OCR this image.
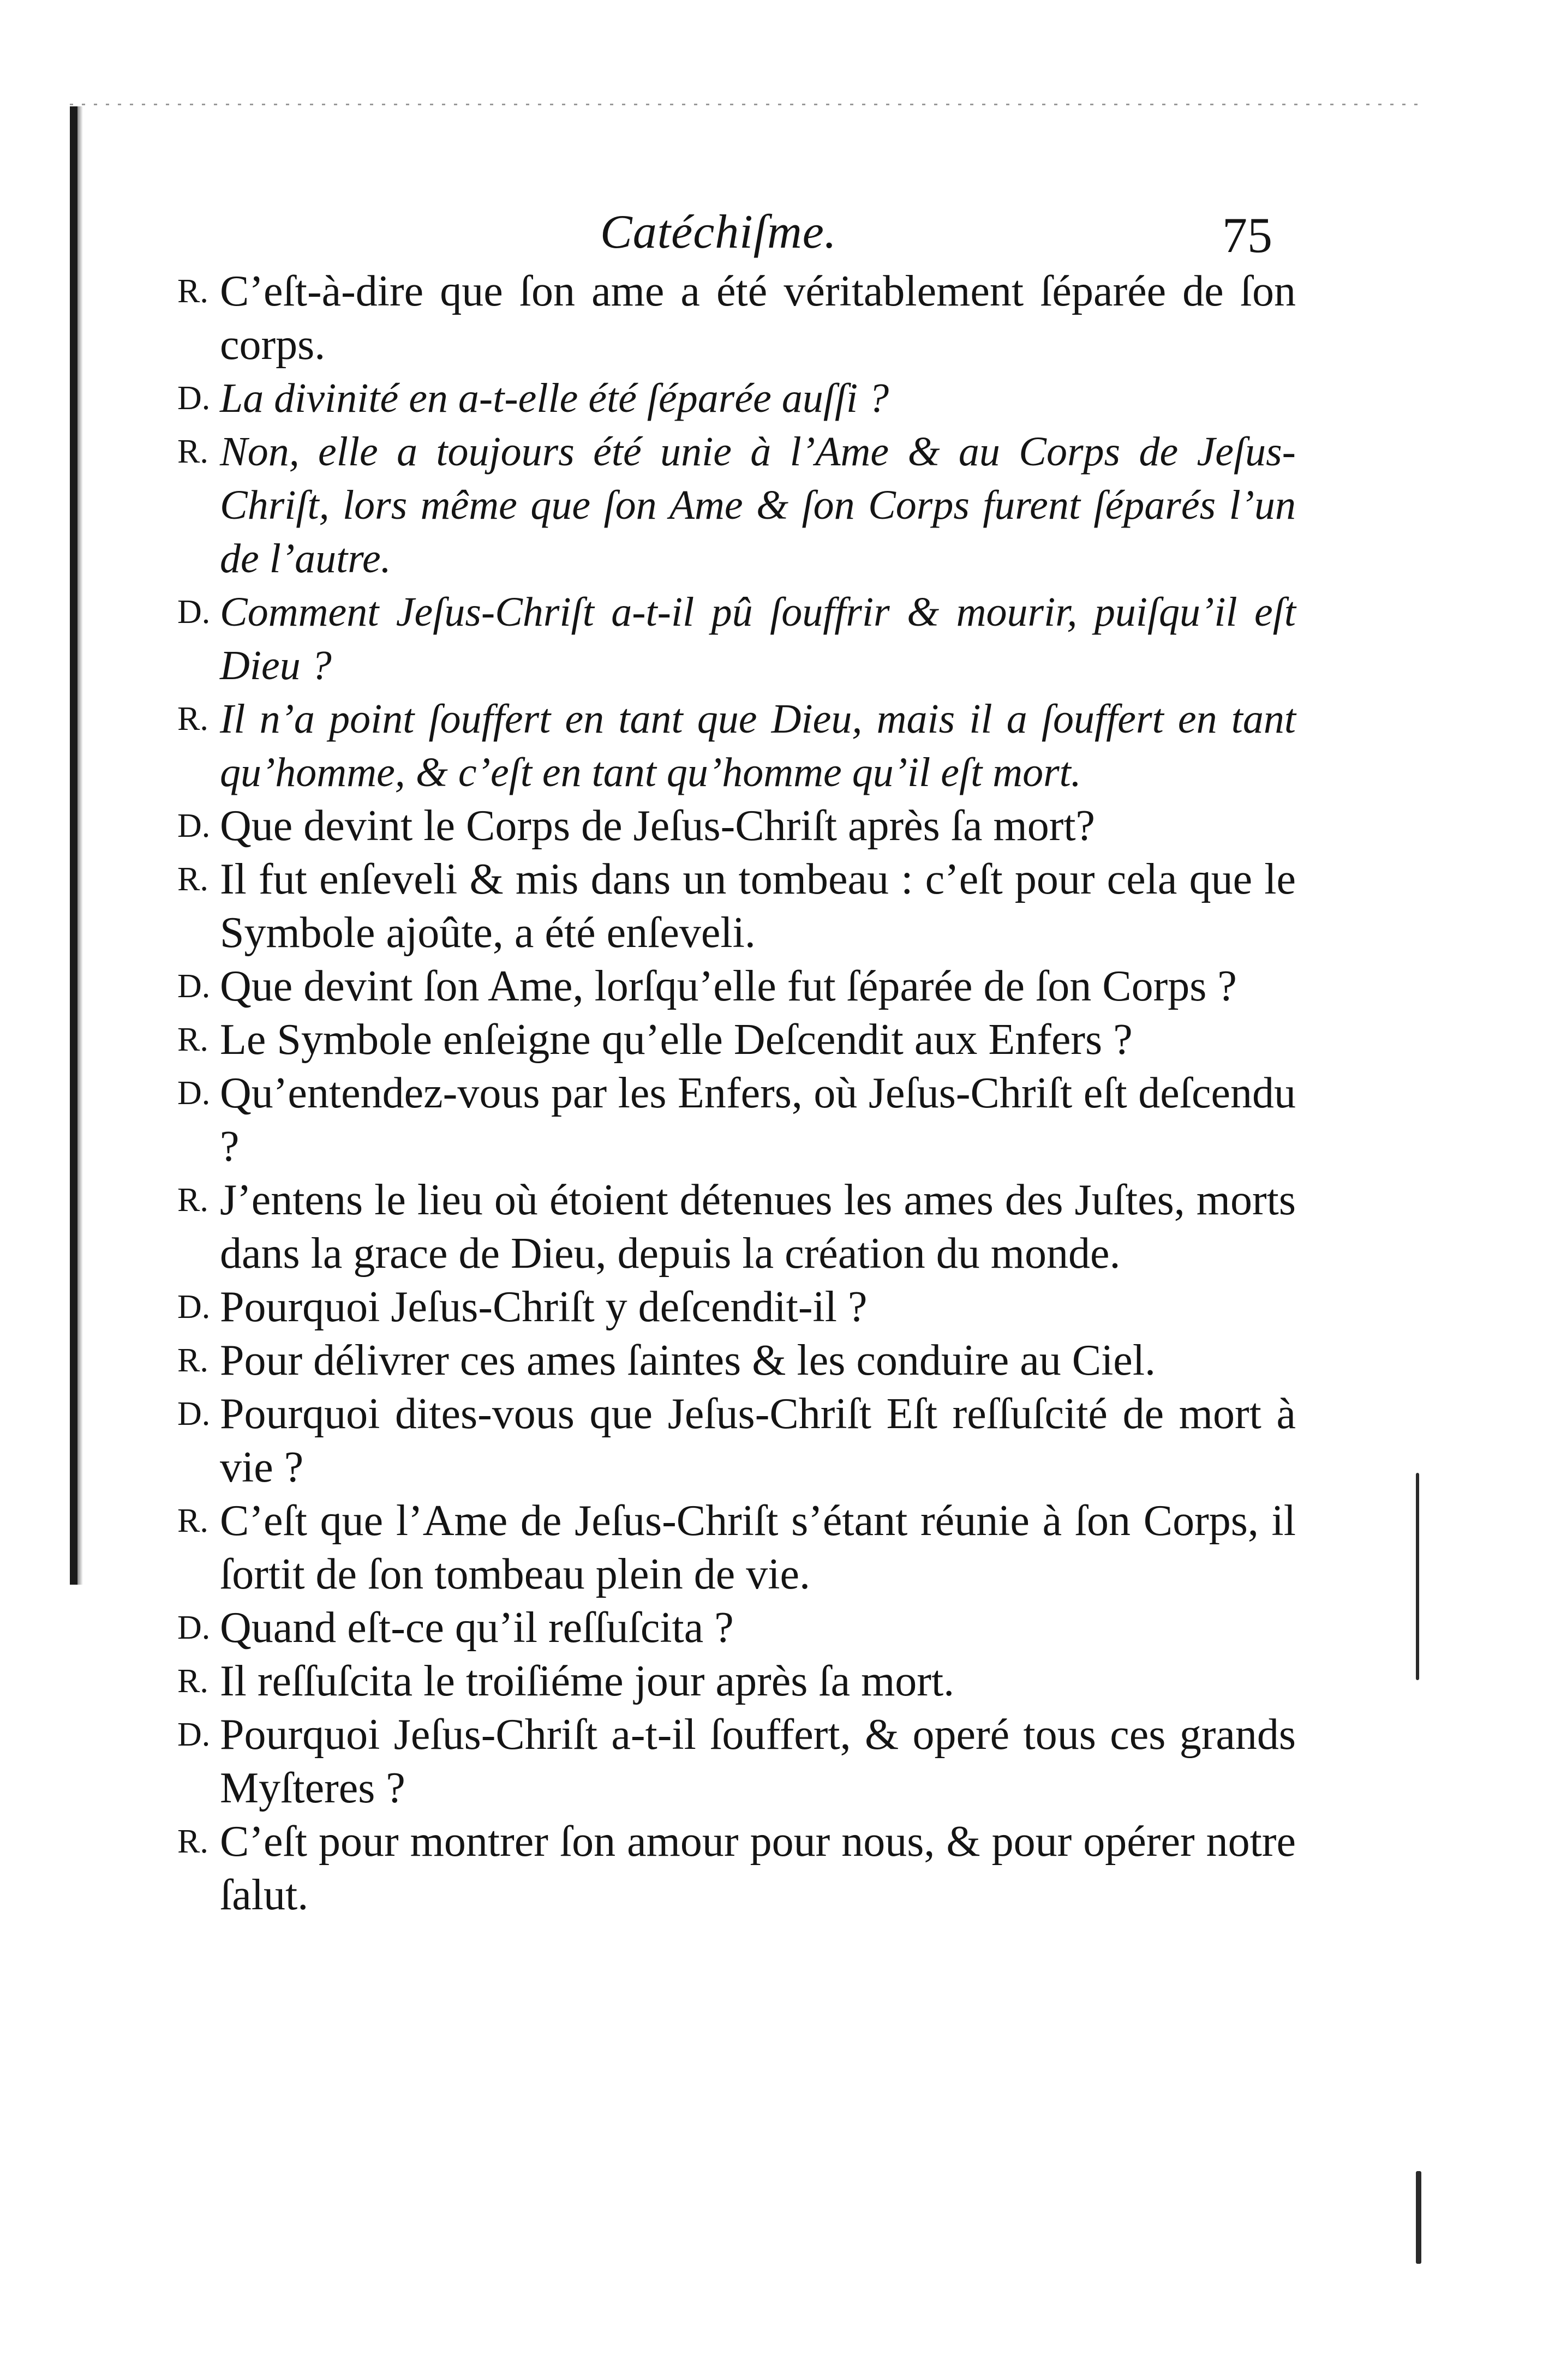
Catéchiſme.	75
R. C’eſt-à-dire que ſon ame a été véritablement ſéparée de ſon corps.
D. La divinité en a-t-elle été ſéparée auſſi ?
R. Non, elle a toujours été unie à l’Ame & au Corps de Jeſus-Chriſt, lors même que ſon Ame & ſon Corps furent ſéparés l’un de l’autre.
D. Comment Jeſus-Chriſt a-t-il pû ſouffrir & mourir, puiſqu’il eſt Dieu ?
R. Il n’a point ſouffert en tant que Dieu, mais il a ſouffert en tant qu’homme, & c’eſt en tant qu’homme qu’il eſt mort.
D. Que devint le Corps de Jeſus-Chriſt après ſa mort?
R. Il fut enſeveli & mis dans un tombeau : c’eſt pour cela que le Symbole ajoûte, a été enſeveli.
D. Que devint ſon Ame, lorſqu’elle fut ſéparée de ſon Corps ?
R. Le Symbole enſeigne qu’elle Deſcendit aux Enfers ?
D. Qu’entendez-vous par les Enfers, où Jeſus-Chriſt eſt deſcendu ?
R. J’entens le lieu où étoient détenues les ames des Juſtes, morts dans la grace de Dieu, depuis la création du monde.
D. Pourquoi Jeſus-Chriſt y deſcendit-il ?
R. Pour délivrer ces ames ſaintes & les conduire au Ciel.
D. Pourquoi dites-vous que Jeſus-Chriſt Eſt reſſuſcité de mort à vie ?
R. C’eſt que l’Ame de Jeſus-Chriſt s’étant réunie à ſon Corps, il ſortit de ſon tombeau plein de vie.
D. Quand eſt-ce qu’il reſſuſcita ?
R. Il reſſuſcita le troiſiéme jour après ſa mort.
D. Pourquoi Jeſus-Chriſt a-t-il ſouffert, & operé tous ces grands Myſteres ?
R. C’eſt pour montrer ſon amour pour nous, & pour opérer notre ſalut.
